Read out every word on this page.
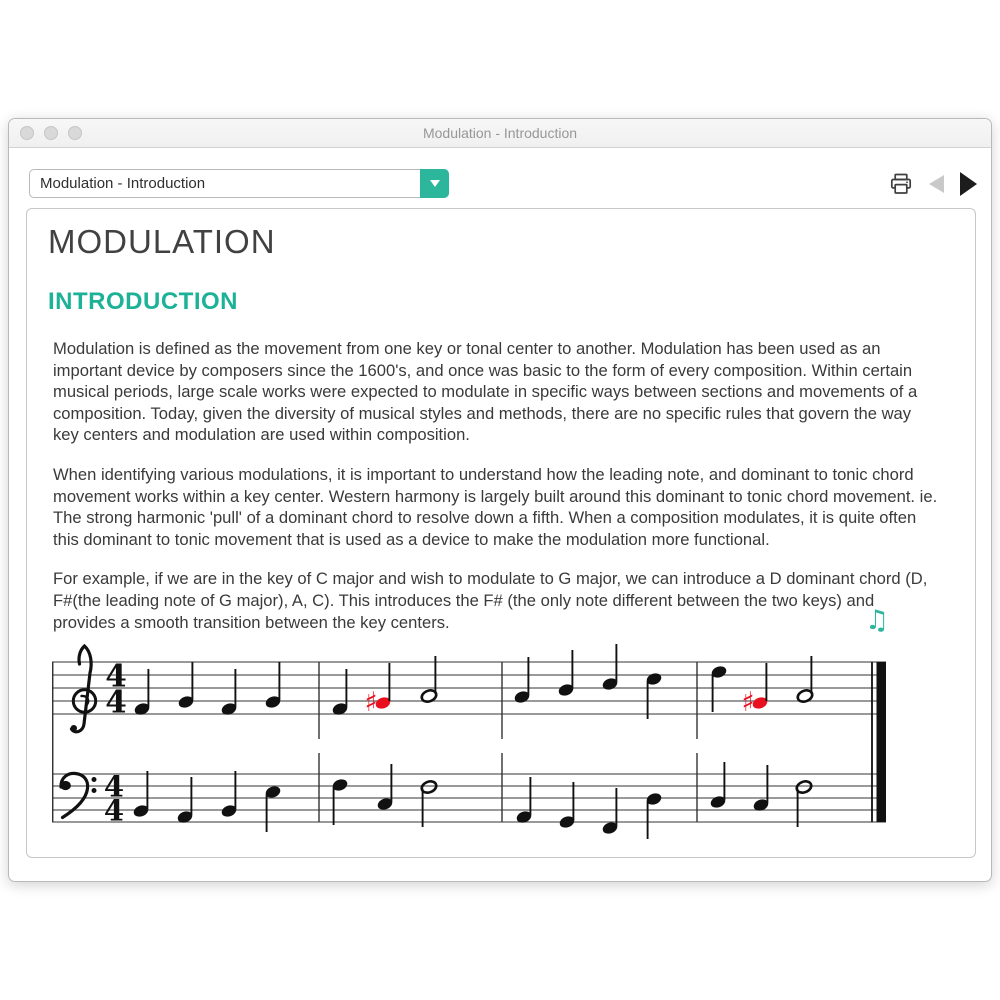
Modulation - Introduction
Modulation - Introduction
MODULATION
INTRODUCTION

Modulation is defined as the movement from one key or tonal center to another. Modulation has been used as an important device by composers since the 1600's, and once was basic to the form of every composition. Within certain musical periods, large scale works were expected to modulate in specific ways between sections and movements of a composition. Today, given the diversity of musical styles and methods, there are no specific rules that govern the way key centers and modulation are used within composition.

When identifying various modulations, it is important to understand how the leading note, and dominant to tonic chord movement works within a key center. Western harmony is largely built around this dominant to tonic chord movement. ie. The strong harmonic 'pull' of a dominant chord to resolve down a fifth. When a composition modulates, it is quite often this dominant to tonic movement that is used as a device to make the modulation more functional.

For example, if we are in the key of C major and wish to modulate to G major, we can introduce a D dominant chord (D, F#(the leading note of G major), A, C). This introduces the F# (the only note different between the two keys) and provides a smooth transition between the key centers.	♫
4
4
4
4
♯	♯
